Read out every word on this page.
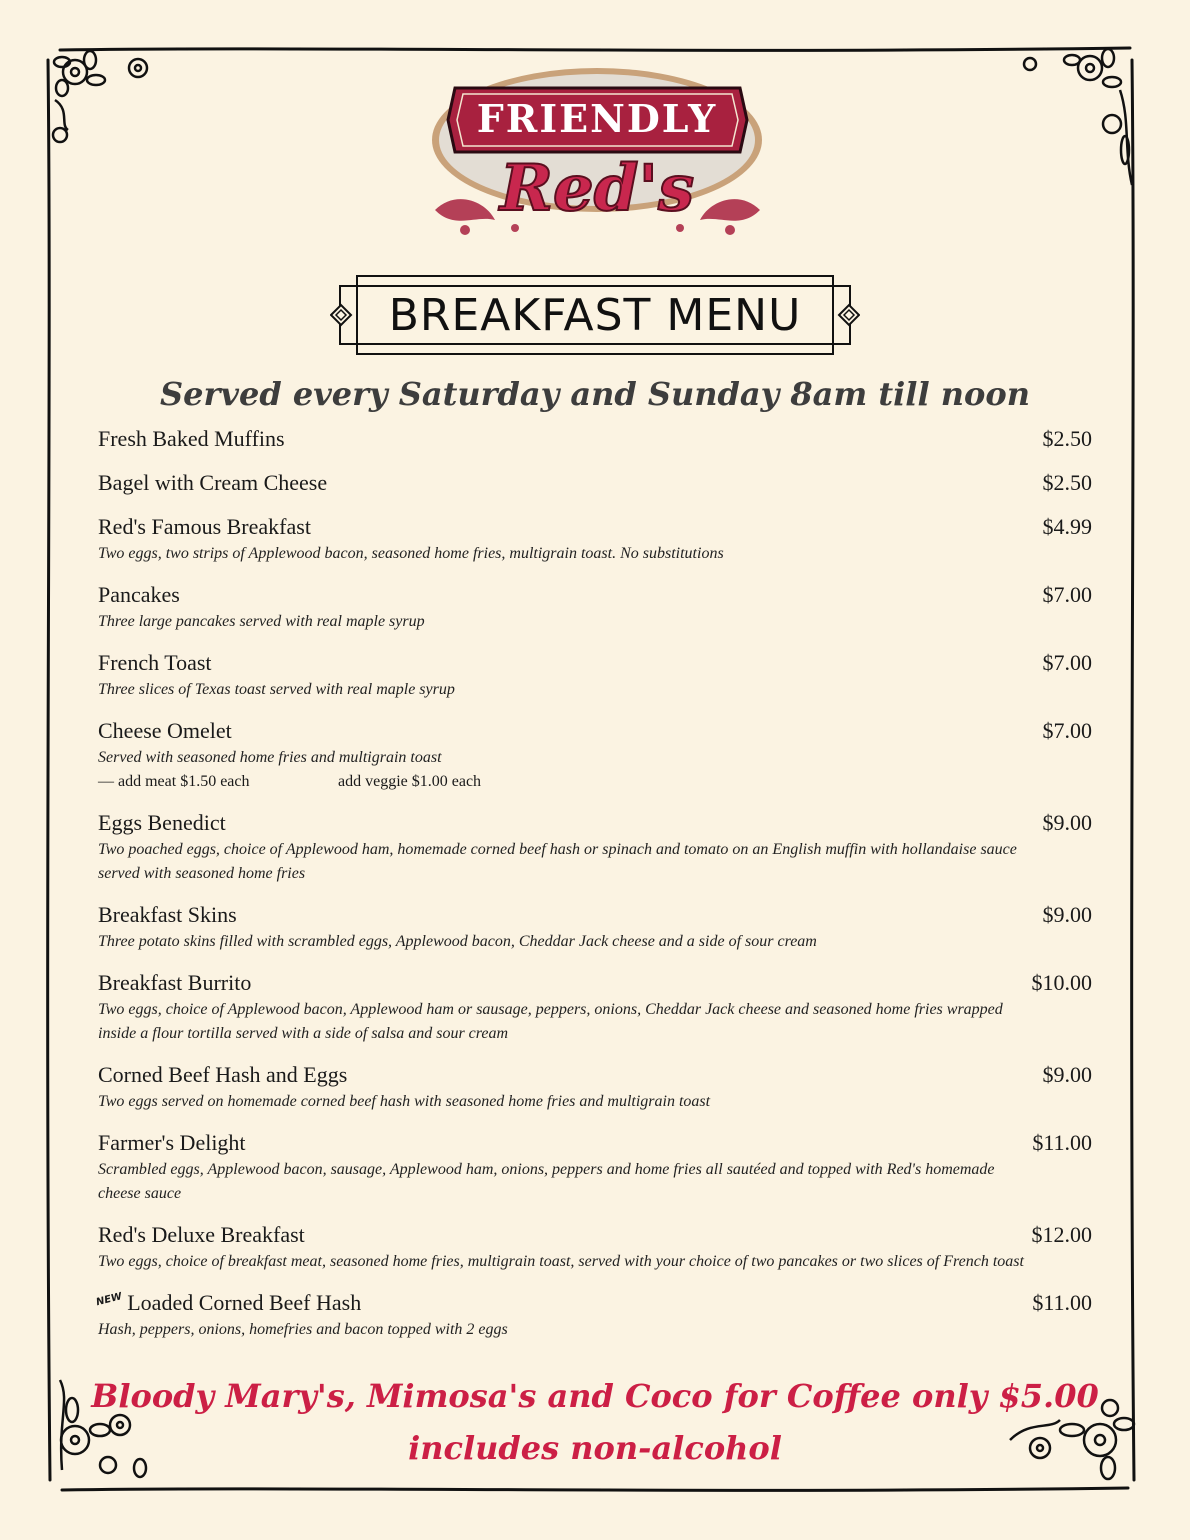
FRIENDLY
Red's
BREAKFAST MENU
Served every Saturday and Sunday 8am till noon
Fresh Baked Muffins	$2.50
Bagel with Cream Cheese	$2.50
Red's Famous Breakfast	$4.99
Two eggs, two strips of Applewood bacon, seasoned home fries, multigrain toast. No substitutions
Pancakes	$7.00
Three large pancakes served with real maple syrup
French Toast	$7.00
Three slices of Texas toast served with real maple syrup
Cheese Omelet	$7.00
Served with seasoned home fries and multigrain toast
— add meat $1.50 each	add veggie $1.00 each
Eggs Benedict	$9.00
Two poached eggs, choice of Applewood ham, homemade corned beef hash or spinach and tomato on an English muffin with hollandaise sauce served with seasoned home fries
Breakfast Skins	$9.00
Three potato skins filled with scrambled eggs, Applewood bacon, Cheddar Jack cheese and a side of sour cream
Breakfast Burrito	$10.00
Two eggs, choice of Applewood bacon, Applewood ham or sausage, peppers, onions, Cheddar Jack cheese and seasoned home fries wrapped inside a flour tortilla served with a side of salsa and sour cream
Corned Beef Hash and Eggs	$9.00
Two eggs served on homemade corned beef hash with seasoned home fries and multigrain toast
Farmer's Delight	$11.00
Scrambled eggs, Applewood bacon, sausage, Applewood ham, onions, peppers and home fries all sautéed and topped with Red's homemade cheese sauce
Red's Deluxe Breakfast	$12.00
Two eggs, choice of breakfast meat, seasoned home fries, multigrain toast, served with your choice of two pancakes or two slices of French toast
NEW Loaded Corned Beef Hash	$11.00
Hash, peppers, onions, homefries and bacon topped with 2 eggs
Bloody Mary's, Mimosa's and Coco for Coffee only $5.00
includes non-alcohol
